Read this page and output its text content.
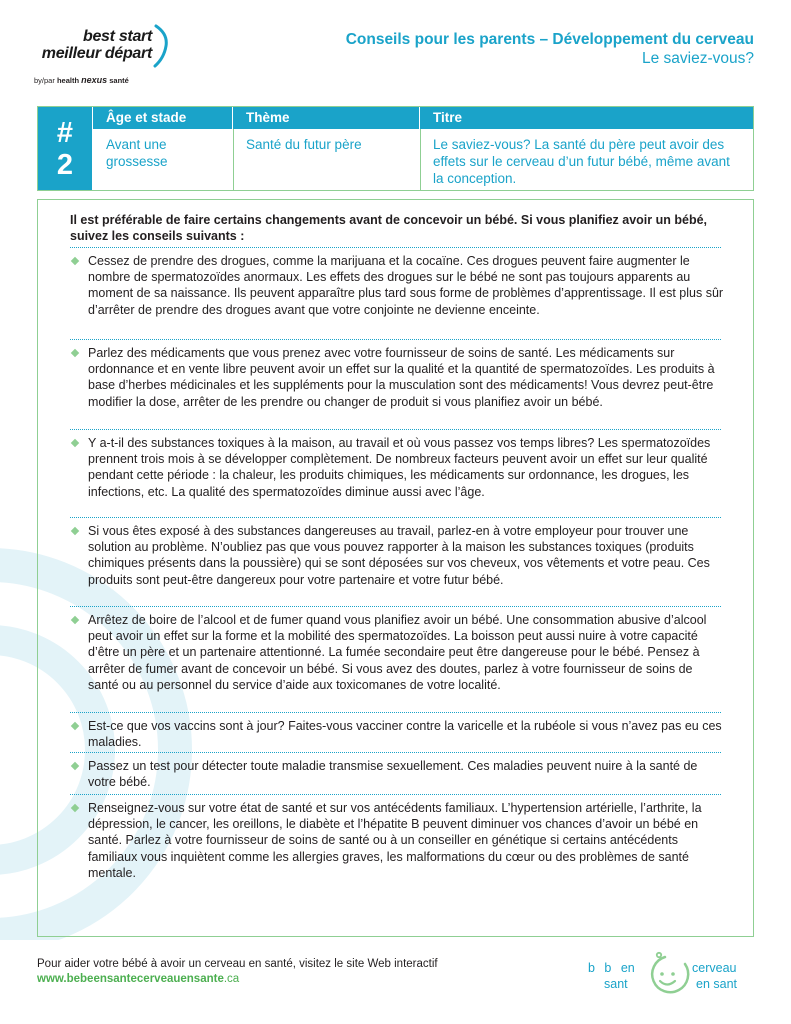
best start
meilleur départ
by/par health nexus santé
Conseils pour les parents – Développement du cerveau
Le saviez-vous?
#
2
Âge et stade
Avant une grossesse
Thème
Santé du futur père
Titre
Le saviez-vous? La santé du père peut avoir des effets sur le cerveau d’un futur bébé, même avant la conception.
Il est préférable de faire certains changements avant de concevoir un bébé. Si vous planifiez avoir un bébé, suivez les conseils suivants :
Cessez de prendre des drogues, comme la marijuana et la cocaïne. Ces drogues peuvent faire augmenter le nombre de spermatozoïdes anormaux. Les effets des drogues sur le bébé ne sont pas toujours apparents au moment de sa naissance. Ils peuvent apparaître plus tard sous forme de problèmes d’apprentissage. Il est plus sûr d’arrêter de prendre des drogues avant que votre conjointe ne devienne enceinte.
Parlez des médicaments que vous prenez avec votre fournisseur de soins de santé. Les médicaments sur ordonnance et en vente libre peuvent avoir un effet sur la qualité et la quantité de spermatozoïdes. Les produits à base d’herbes médicinales et les suppléments pour la musculation sont des médicaments! Vous devrez peut-être modifier la dose, arrêter de les prendre ou changer de produit si vous planifiez avoir un bébé.
Y a-t-il des substances toxiques à la maison, au travail et où vous passez vos temps libres? Les spermatozoïdes prennent trois mois à se développer complètement. De nombreux facteurs peuvent avoir un effet sur leur qualité pendant cette période : la chaleur, les produits chimiques, les médicaments sur ordonnance, les drogues, les infections, etc. La qualité des spermatozoïdes diminue aussi avec l’âge.
Si vous êtes exposé à des substances dangereuses au travail, parlez-en à votre employeur pour trouver une solution au problème. N’oubliez pas que vous pouvez rapporter à la maison les substances toxiques (produits chimiques présents dans la poussière) qui se sont déposées sur vos cheveux, vos vêtements et votre peau. Ces produits sont peut-être dangereux pour votre partenaire et votre futur bébé.
Arrêtez de boire de l’alcool et de fumer quand vous planifiez avoir un bébé. Une consommation abusive d’alcool peut avoir un effet sur la forme et la mobilité des spermatozoïdes. La boisson peut aussi nuire à votre capacité d’être un père et un partenaire attentionné. La fumée secondaire peut être dangereuse pour le bébé. Pensez à arrêter de fumer avant de concevoir un bébé. Si vous avez des doutes, parlez à votre fournisseur de soins de santé ou au personnel du service d’aide aux toxicomanes de votre localité.
Est-ce que vos vaccins sont à jour? Faites-vous vacciner contre la varicelle et la rubéole si vous n’avez pas eu ces maladies.
Passez un test pour détecter toute maladie transmise sexuellement. Ces maladies peuvent nuire à la santé de votre bébé.
Renseignez-vous sur votre état de santé et sur vos antécédents familiaux. L’hypertension artérielle, l’arthrite, la dépression, le cancer, les oreillons, le diabète et l’hépatite B peuvent diminuer vos chances d’avoir un bébé en santé. Parlez à votre fournisseur de soins de santé ou à un conseiller en génétique si certains antécédents familiaux vous inquiètent comme les allergies graves, les malformations du cœur ou des problèmes de santé mentale.
Pour aider votre bébé à avoir un cerveau en santé, visitez le site Web interactif
www.bebeensantecerveauensante.ca
b b en
sant
cerveau
en sant
